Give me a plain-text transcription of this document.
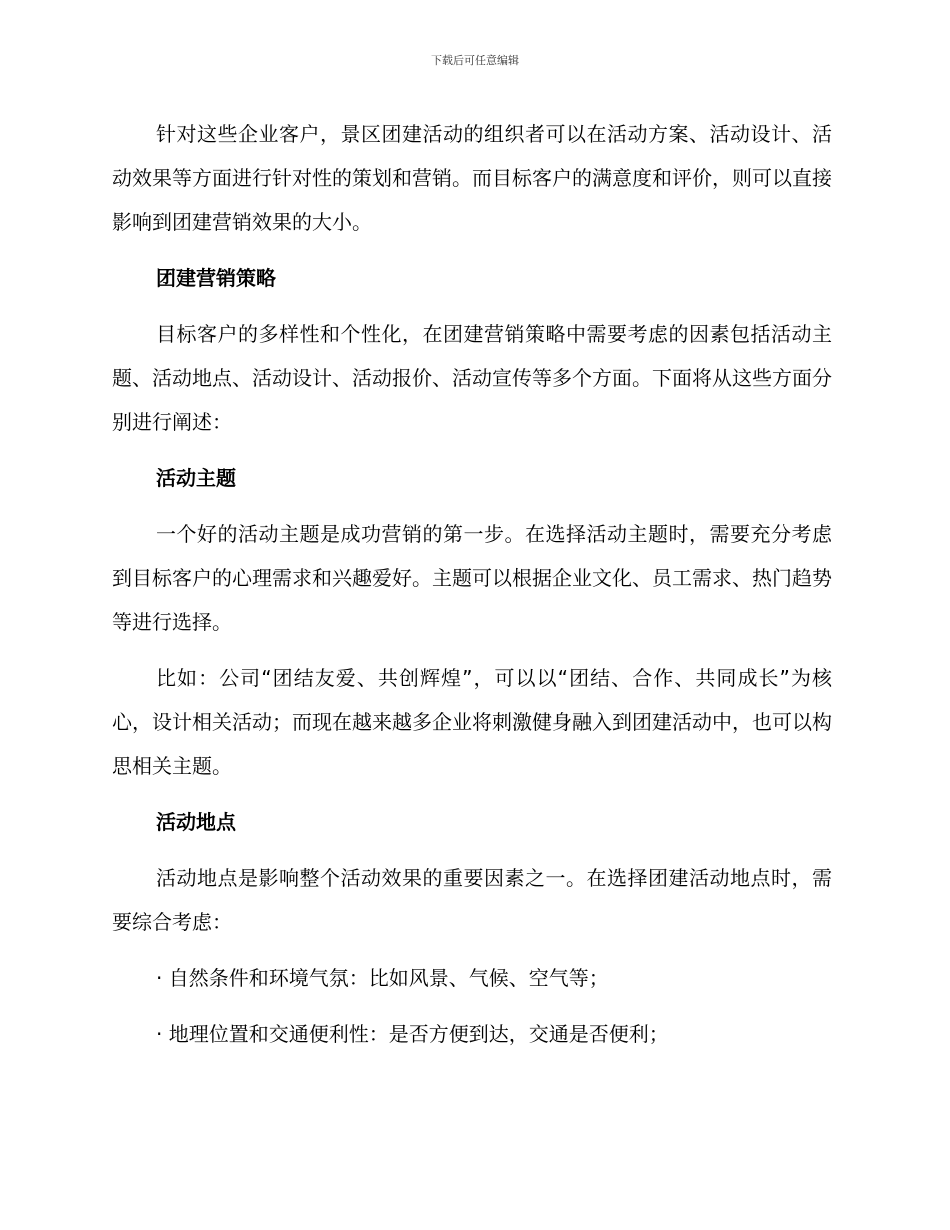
下载后可任意编辑

针对这些企业客户，景区团建活动的组织者可以在活动方案、活动设计、活动效果等方面进行针对性的策划和营销。而目标客户的满意度和评价，则可以直接影响到团建营销效果的大小。

团建营销策略

目标客户的多样性和个性化，在团建营销策略中需要考虑的因素包括活动主题、活动地点、活动设计、活动报价、活动宣传等多个方面。下面将从这些方面分别进行阐述：

活动主题

一个好的活动主题是成功营销的第一步。在选择活动主题时，需要充分考虑到目标客户的心理需求和兴趣爱好。主题可以根据企业文化、员工需求、热门趋势等进行选择。

比如：公司“团结友爱、共创辉煌”，可以以“团结、合作、共同成长”为核心，设计相关活动；而现在越来越多企业将刺激健身融入到团建活动中，也可以构思相关主题。

活动地点

活动地点是影响整个活动效果的重要因素之一。在选择团建活动地点时，需要综合考虑：

· 自然条件和环境气氛：比如风景、气候、空气等；

· 地理位置和交通便利性：是否方便到达，交通是否便利；
